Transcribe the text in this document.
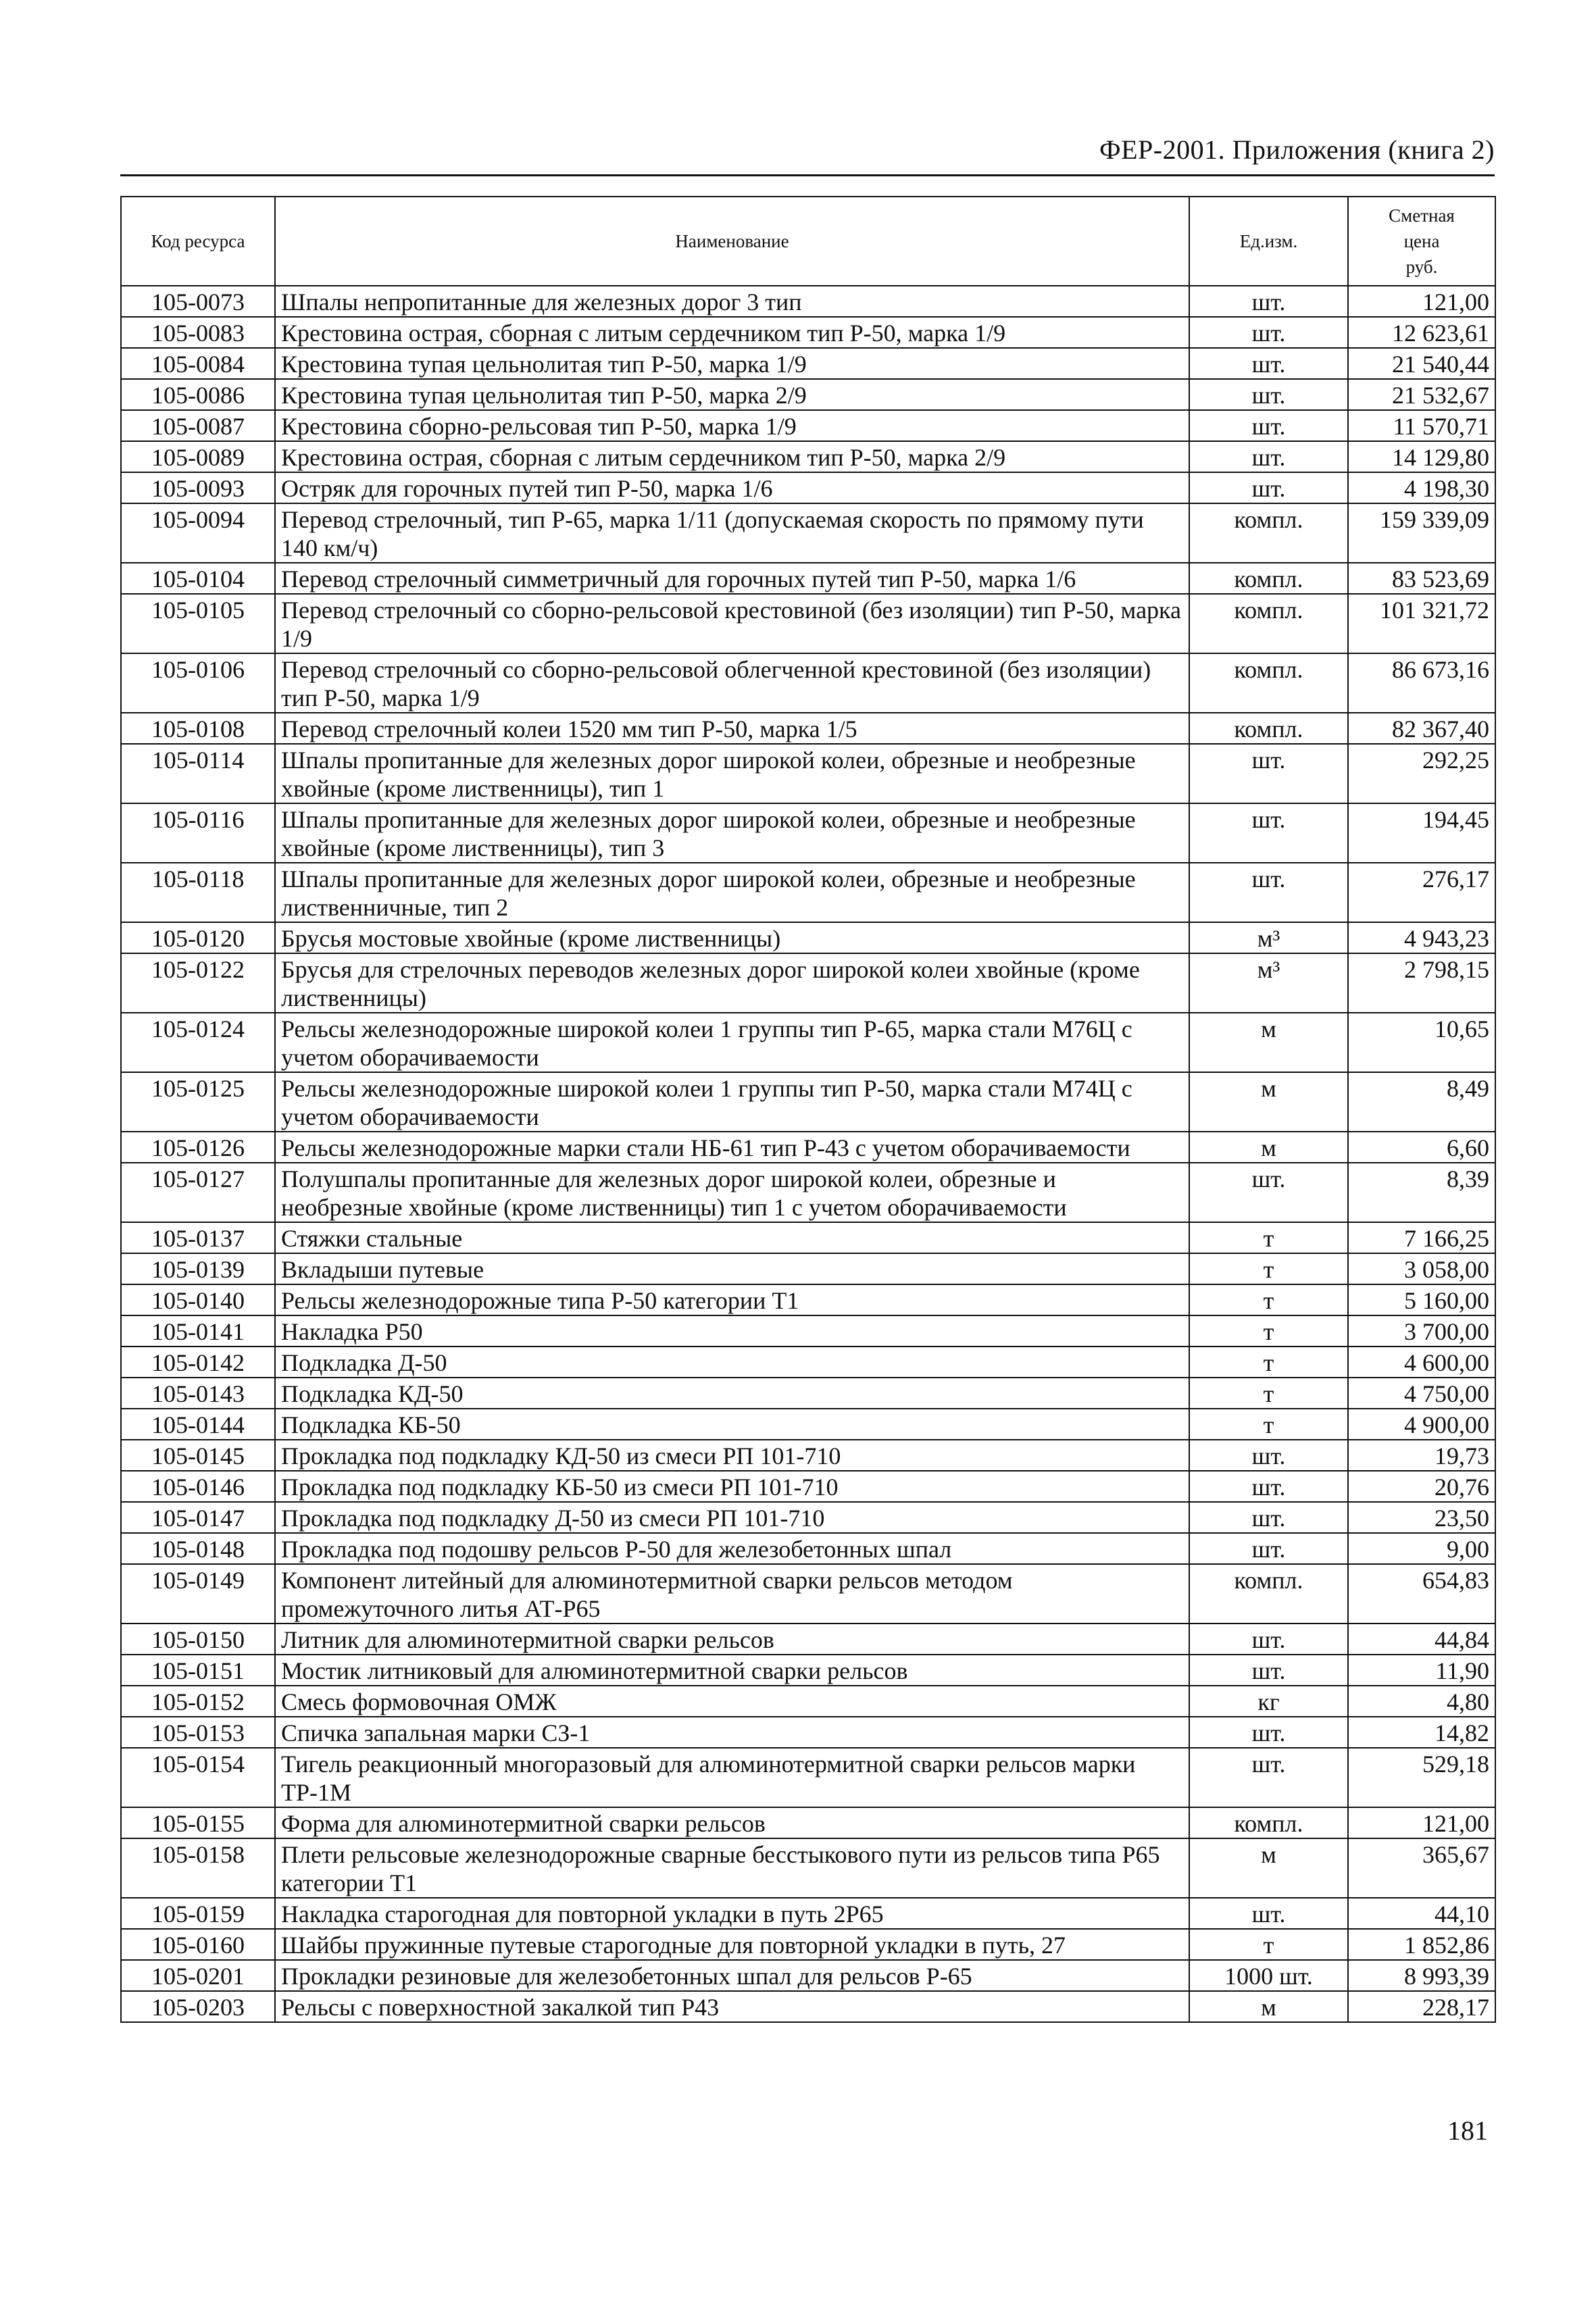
ФЕР-2001. Приложения (книга 2)
Код ресурса	Наименование	Ед.изм.	Сметная
цена
руб.

105-0073	Шпалы непропитанные для железных дорог 3 тип	шт.	121,00
105-0083	Крестовина острая, сборная с литым сердечником тип Р-50, марка 1/9	шт.	12 623,61
105-0084	Крестовина тупая цельнолитая тип Р-50, марка 1/9	шт.	21 540,44
105-0086	Крестовина тупая цельнолитая тип Р-50, марка 2/9	шт.	21 532,67
105-0087	Крестовина сборно-рельсовая тип Р-50, марка 1/9	шт.	11 570,71
105-0089	Крестовина острая, сборная с литым сердечником тип Р-50, марка 2/9	шт.	14 129,80
105-0093	Остряк для горочных путей тип Р-50, марка 1/6	шт.	4 198,30
105-0094	Перевод стрелочный, тип Р-65, марка 1/11 (допускаемая скорость по прямому пути 140 км/ч)	компл.	159 339,09
105-0104	Перевод стрелочный симметричный для горочных путей тип Р-50, марка 1/6	компл.	83 523,69
105-0105	Перевод стрелочный со сборно-рельсовой крестовиной (без изоляции) тип Р-50, марка 1/9	компл.	101 321,72
105-0106	Перевод стрелочный со сборно-рельсовой облегченной крестовиной (без изоляции) тип Р-50, марка 1/9	компл.	86 673,16
105-0108	Перевод стрелочный колеи 1520 мм тип Р-50, марка 1/5	компл.	82 367,40
105-0114	Шпалы пропитанные для железных дорог широкой колеи, обрезные и необрезные хвойные (кроме лиственницы), тип 1	шт.	292,25
105-0116	Шпалы пропитанные для железных дорог широкой колеи, обрезные и необрезные хвойные (кроме лиственницы), тип 3	шт.	194,45
105-0118	Шпалы пропитанные для железных дорог широкой колеи, обрезные и необрезные лиственничные, тип 2	шт.	276,17
105-0120	Брусья мостовые хвойные (кроме лиственницы)	м³	4 943,23
105-0122	Брусья для стрелочных переводов железных дорог широкой колеи хвойные (кроме лиственницы)	м³	2 798,15
105-0124	Рельсы железнодорожные широкой колеи 1 группы тип Р-65, марка стали М76Ц с учетом оборачиваемости	м	10,65
105-0125	Рельсы железнодорожные широкой колеи 1 группы тип Р-50, марка стали М74Ц с учетом оборачиваемости	м	8,49
105-0126	Рельсы железнодорожные марки стали НБ-61 тип Р-43 с учетом оборачиваемости	м	6,60
105-0127	Полушпалы пропитанные для железных дорог широкой колеи, обрезные и необрезные хвойные (кроме лиственницы) тип 1 с учетом оборачиваемости	шт.	8,39
105-0137	Стяжки стальные	т	7 166,25
105-0139	Вкладыши путевые	т	3 058,00
105-0140	Рельсы железнодорожные типа Р-50 категории Т1	т	5 160,00
105-0141	Накладка Р50	т	3 700,00
105-0142	Подкладка Д-50	т	4 600,00
105-0143	Подкладка КД-50	т	4 750,00
105-0144	Подкладка КБ-50	т	4 900,00
105-0145	Прокладка под подкладку КД-50 из смеси РП 101-710	шт.	19,73
105-0146	Прокладка под подкладку КБ-50 из смеси РП 101-710	шт.	20,76
105-0147	Прокладка под подкладку Д-50 из смеси РП 101-710	шт.	23,50
105-0148	Прокладка под подошву рельсов Р-50 для железобетонных шпал	шт.	9,00
105-0149	Компонент литейный для алюминотермитной сварки рельсов методом промежуточного литья АТ-Р65	компл.	654,83
105-0150	Литник для алюминотермитной сварки рельсов	шт.	44,84
105-0151	Мостик литниковый для алюминотермитной сварки рельсов	шт.	11,90
105-0152	Смесь формовочная ОМЖ	кг	4,80
105-0153	Спичка запальная марки СЗ-1	шт.	14,82
105-0154	Тигель реакционный многоразовый для алюминотермитной сварки рельсов марки ТР-1М	шт.	529,18
105-0155	Форма для алюминотермитной сварки рельсов	компл.	121,00
105-0158	Плети рельсовые железнодорожные сварные бесстыкового пути из рельсов типа Р65 категории Т1	м	365,67
105-0159	Накладка старогодная для повторной укладки в путь 2Р65	шт.	44,10
105-0160	Шайбы пружинные путевые старогодные для повторной укладки в путь, 27	т	1 852,86
105-0201	Прокладки резиновые для железобетонных шпал для рельсов Р-65	1000 шт.	8 993,39
105-0203	Рельсы с поверхностной закалкой тип Р43	м	228,17
181
